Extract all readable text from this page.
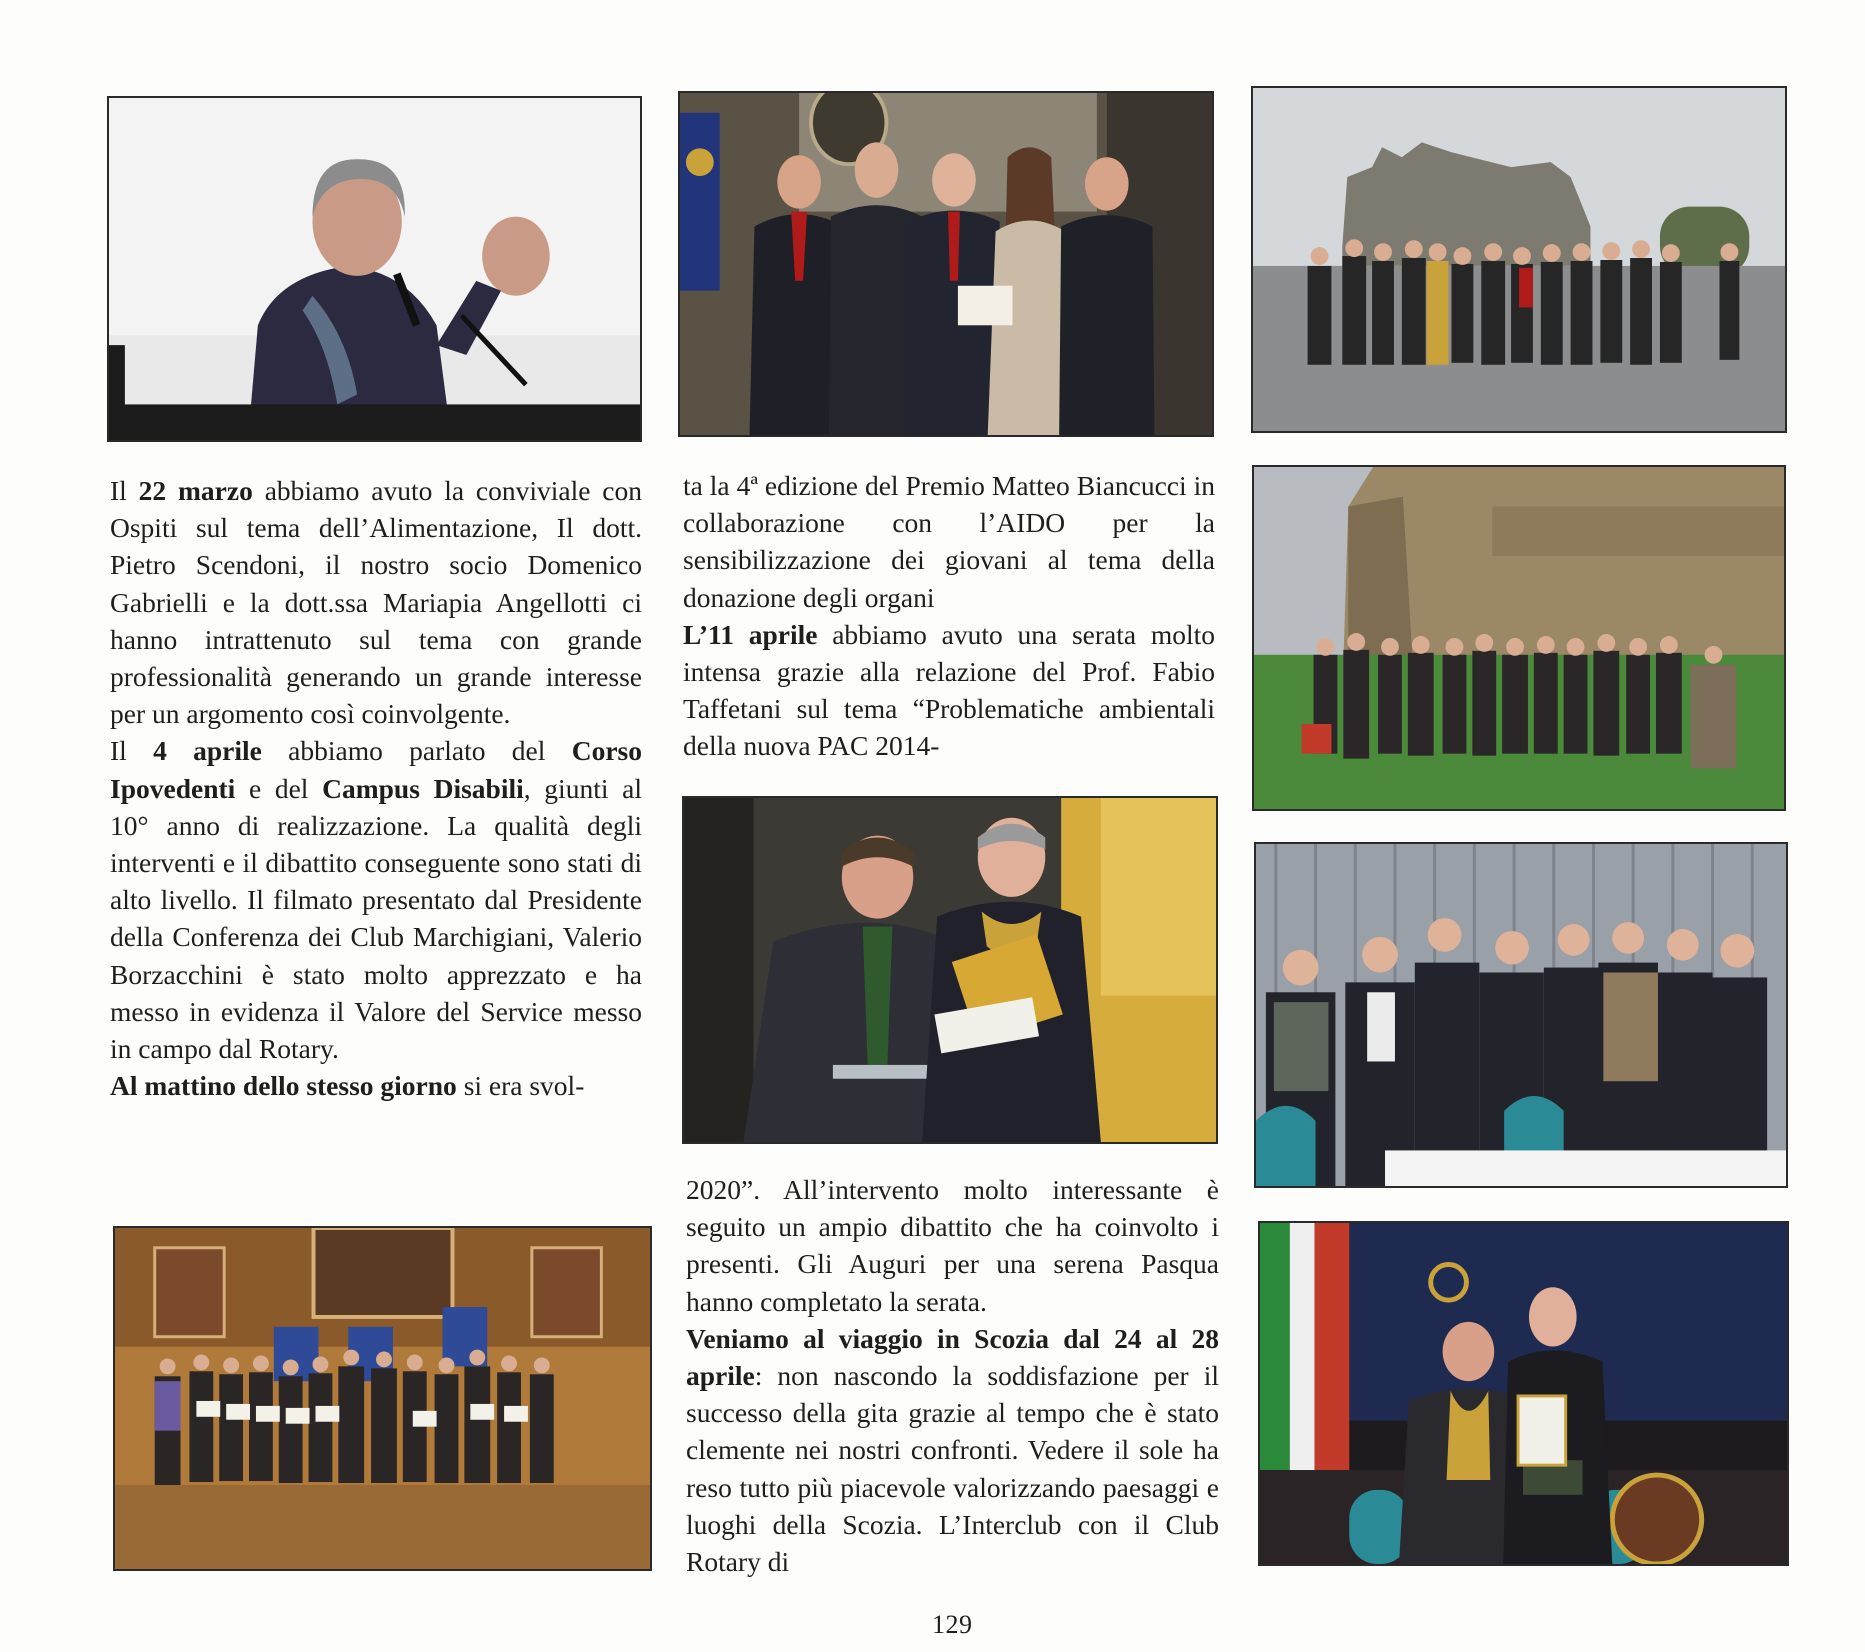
Il 22 marzo abbiamo avuto la conviviale con Ospiti sul tema dell’Alimentazione, Il dott. Pietro Scendoni, il nostro socio Domenico Gabrielli e la dott.ssa Mariapia Angellotti ci hanno intrattenuto sul tema con grande professionalità generando un grande interesse per un argomento così coinvolgente.

Il 4 aprile abbiamo parlato del Corso Ipovedenti e del Campus Disabili, giunti al 10° anno di realizzazione. La qualità degli interventi e il dibattito conseguente sono stati di alto livello. Il filmato presentato dal Presidente della Conferenza dei Club Marchigiani, Valerio Borzacchini è stato molto apprezzato e ha messo in evidenza il Valore del Service messo in campo dal Rotary.

Al mattino dello stesso giorno si era svol-

ta la 4ª edizione del Premio Matteo Biancucci in collaborazione con l’AIDO per la sensibilizzazione dei giovani al tema della donazione degli organi

L’11 aprile abbiamo avuto una serata molto intensa grazie alla relazione del Prof. Fabio Taffetani sul tema “Problematiche ambientali della nuova PAC 2014-

2020”. All’intervento molto interessante è seguito un ampio dibattito che ha coinvolto i presenti. Gli Auguri per una serena Pasqua hanno completato la serata.

Veniamo al viaggio in Scozia dal 24 al 28 aprile: non nascondo la soddisfazione per il successo della gita grazie al tempo che è stato clemente nei nostri confronti. Vedere il sole ha reso tutto più piacevole valorizzando paesaggi e luoghi della Scozia. L’Interclub con il Club Rotary di

129
